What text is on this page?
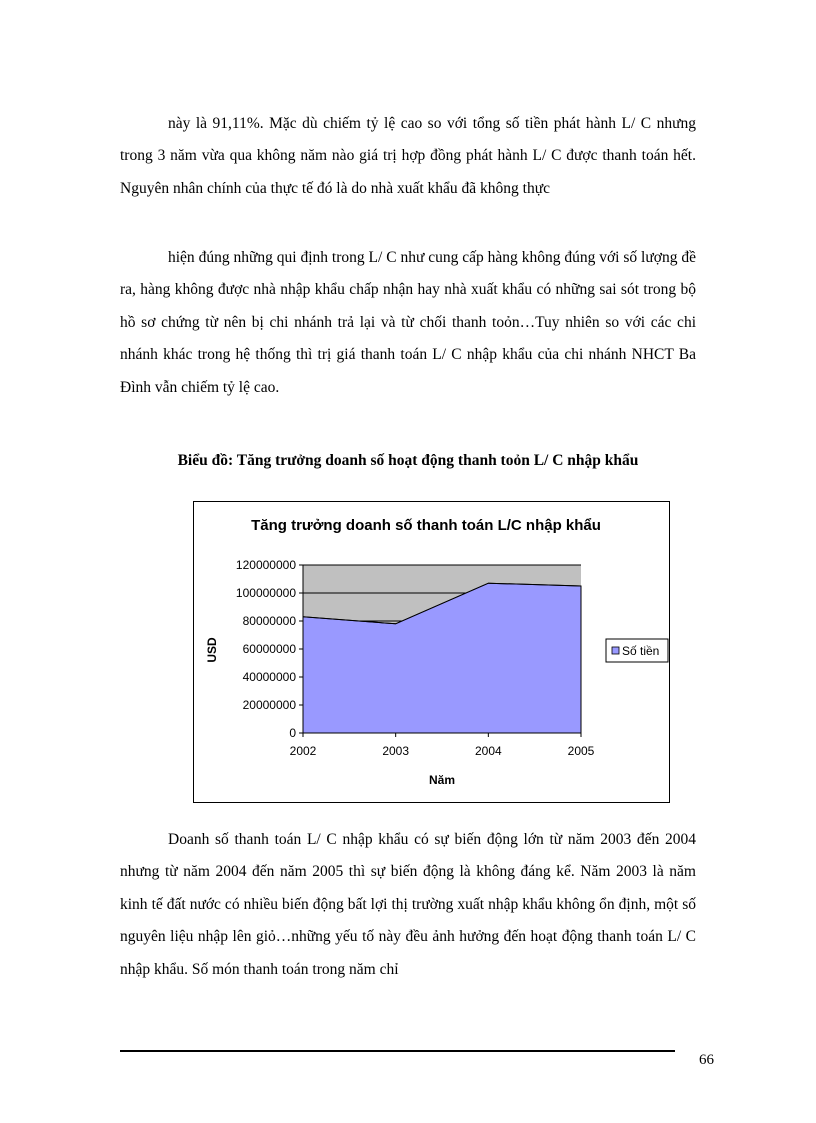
này là 91,11%. Mặc dù chiếm tỷ lệ cao so với tổng số tiền phát hành L/ C nhưng trong 3 năm vừa qua không năm nào giá trị hợp đồng phát hành L/ C được thanh toán hết. Nguyên nhân chính của thực tế đó là do nhà xuất khẩu đã không thực

hiện đúng những qui định trong L/ C như cung cấp hàng không đúng với số lượng đề ra, hàng không được nhà nhập khẩu chấp nhận hay nhà xuất khẩu có những sai sót trong bộ hồ sơ chứng từ nên bị chi nhánh trả lại và từ chối thanh toỏn…Tuy nhiên so với các chi nhánh khác trong hệ thống thì trị giá thanh toán L/ C nhập khẩu của chi nhánh NHCT Ba Đình vẫn chiếm tỷ lệ cao.

Biểu đồ: Tăng trưởng doanh số hoạt động thanh toỏn L/ C nhập khẩu

Tăng trưởng doanh số thanh toán L/C nhập khẩu
0
20000000
40000000
60000000
80000000
100000000
120000000
2002	2003	2004	2005
USD
Năm
Số tiền

Doanh số thanh toán L/ C nhập khẩu có sự biến động lớn từ năm 2003 đến 2004 nhưng từ năm 2004 đến năm 2005 thì sự biến động là không đáng kể. Năm 2003 là năm kinh tế đất nước có nhiều biến động bất lợi thị trường xuất nhập khẩu không ổn định, một số nguyên liệu nhập lên giỏ…những yếu tố này đều ảnh hưởng đến hoạt động thanh toán L/ C nhập khẩu. Số món thanh toán trong năm chỉ

66
